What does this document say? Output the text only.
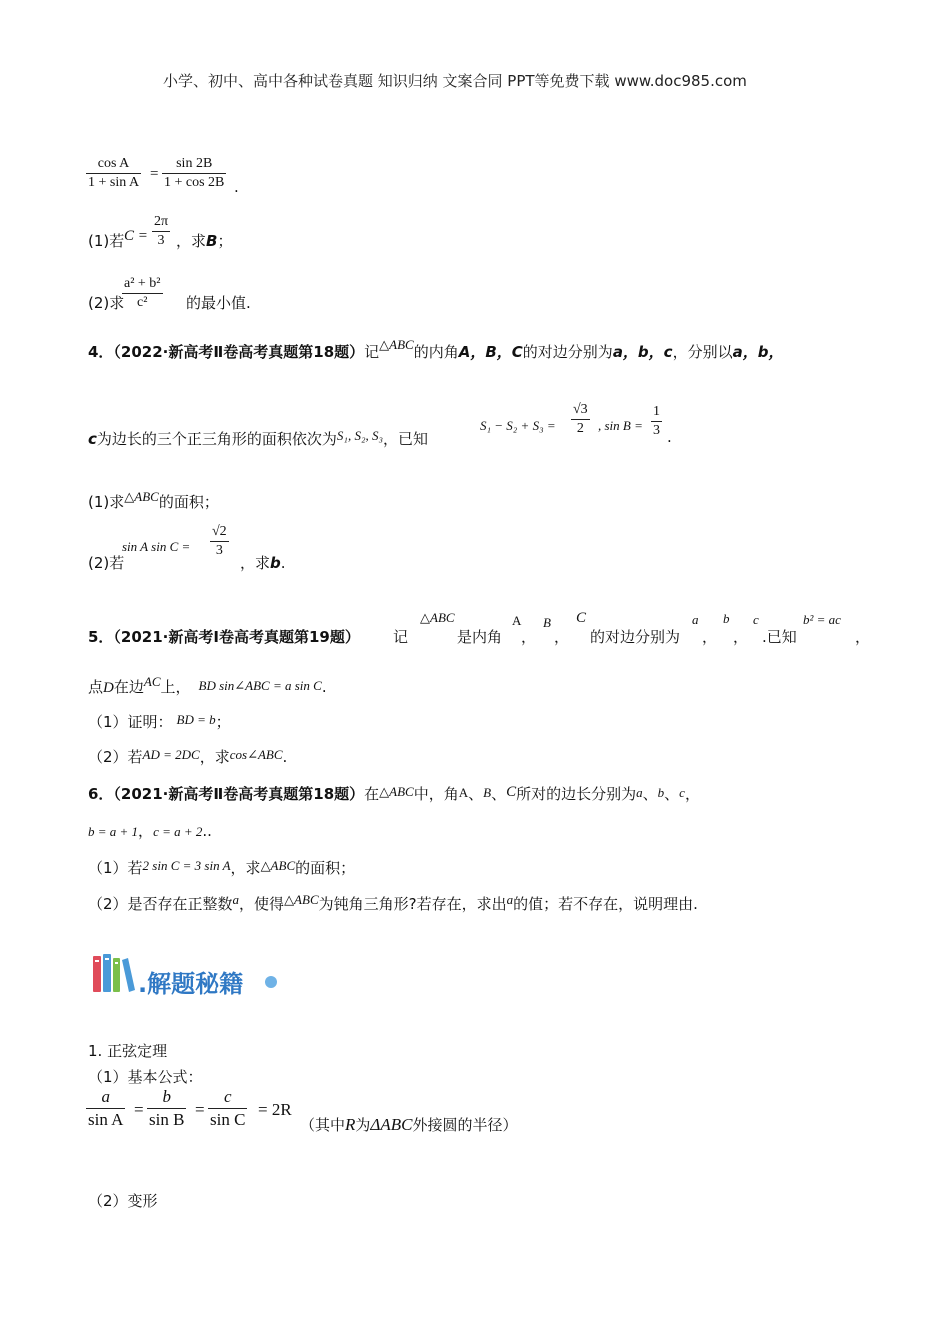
小学、初中、高中各种试卷真题 知识归纳 文案合同 PPT等免费下载 www.doc985.com
cos A
1 + sin A
=
sin 2B
1 + cos 2B .
(1)若 C =
2π
3 ，求B；
(2)求
a² + b²
c²	的最小值.
4．（2022·新高考Ⅱ卷高考真题第18题）记$^{\triangle ABC}$的内角A，B，C的对边分别为a，b，c，分别以a，b，
c为边长的三个正三角形的面积依次为$^{S_1, S_2, S_3}$，已知
S₁ − S₂ + S₃ =
√3
2	, sin B =
1
3 .
(1)求$^{\triangle ABC}$的面积；
(2)若
sin A sin C =
√2
3
，求b.
5．（2021·新高考Ⅰ卷高考真题第19题） 记
△ABC
是内角
A
，
B
，
C
的对边分别为
a
，
b
，
c
.已知
b² = ac
，
点D在边$^{AC}$上， BD sin∠ABC = a sin C.
（1）证明： BD = b；
（2）若AD = 2DC，求cos∠ABC.
6．（2021·新高考Ⅱ卷高考真题第18题）在△ABC中，角A、B、C所对的边长分别为a、b、c，
b = a + 1，c = a + 2..
（1）若2 sin C = 3 sin A，求△ABC的面积；
（2）是否存在正整数$^a$，使得$^{\triangle ABC}$为钝角三角形?若存在，求出$^a$的值；若不存在，说明理由.
.解题秘籍
1. 正弦定理
（1）基本公式：
a
sin A
=
b
sin B
=
c
sin C
= 2R
（其中R为ΔABC外接圆的半径）
（2）变形
